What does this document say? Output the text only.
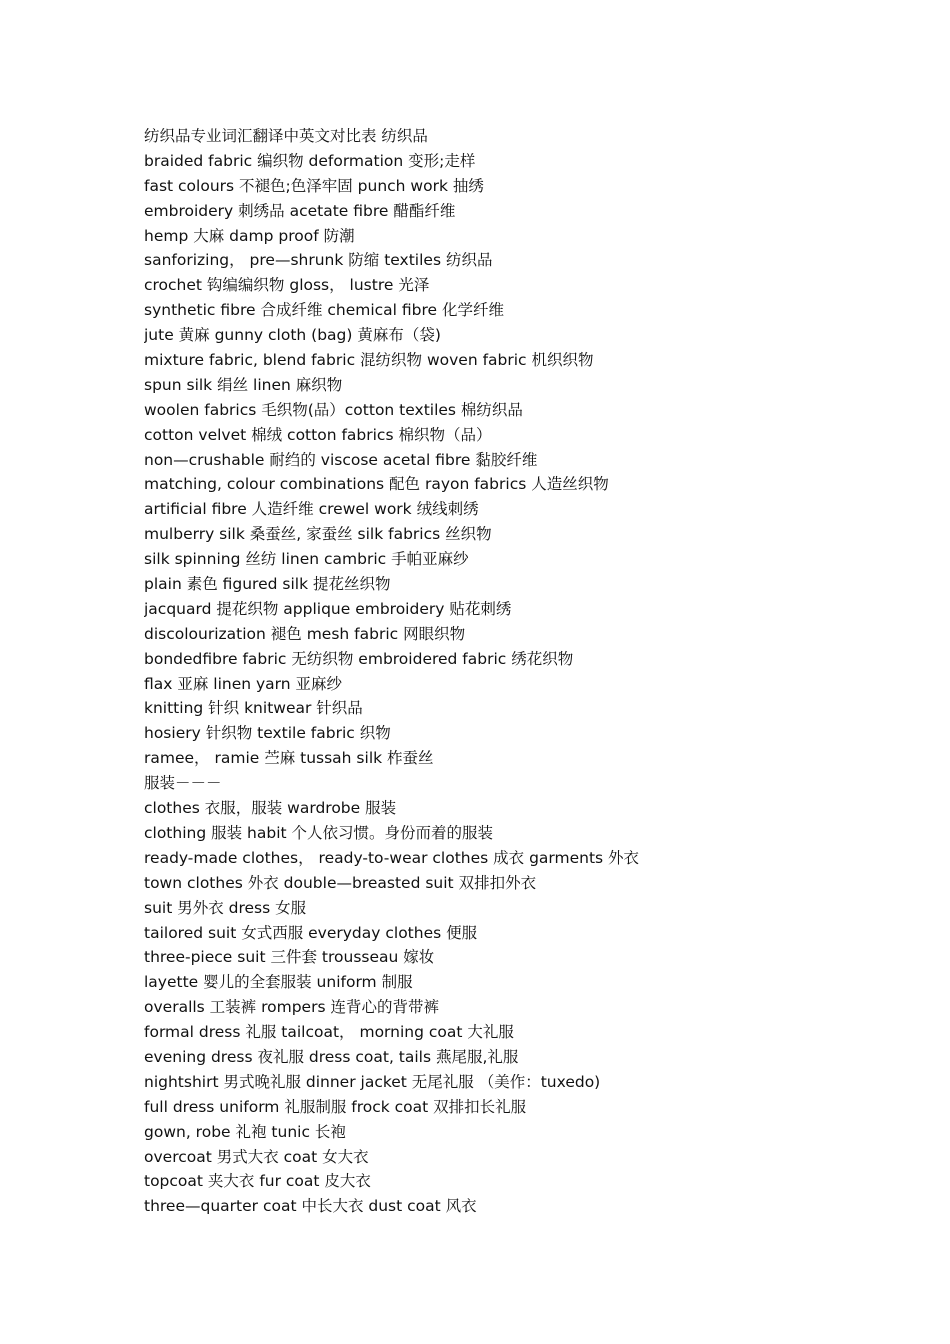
纺织品专业词汇翻译中英文对比表 纺织品
braided fabric 编织物 deformation 变形;走样
fast colours 不褪色;色泽牢固 punch work 抽绣
embroidery 刺绣品 acetate fibre 醋酯纤维
hemp 大麻 damp proof 防潮
sanforizing， pre—shrunk 防缩 textiles 纺织品
crochet 钩编编织物 gloss， lustre 光泽
synthetic fibre 合成纤维 chemical fibre 化学纤维
jute 黄麻 gunny cloth (bag) 黄麻布（袋)
mixture fabric, blend fabric 混纺织物 woven fabric 机织织物
spun silk 绢丝 linen 麻织物
woolen fabrics 毛织物(品）cotton textiles 棉纺织品
cotton velvet 棉绒 cotton fabrics 棉织物（品）
non—crushable 耐绉的 viscose acetal fibre 黏胶纤维
matching, colour combinations 配色 rayon fabrics 人造丝织物
artificial fibre 人造纤维 crewel work 绒线刺绣
mulberry silk 桑蚕丝, 家蚕丝 silk fabrics 丝织物
silk spinning 丝纺 linen cambric 手帕亚麻纱
plain 素色 figured silk 提花丝织物
jacquard 提花织物 applique embroidery 贴花刺绣
discolourization 褪色 mesh fabric 网眼织物
bondedfibre fabric 无纺织物 embroidered fabric 绣花织物
flax 亚麻 linen yarn 亚麻纱
knitting 针织 knitwear 针织品
hosiery 针织物 textile fabric 织物
ramee， ramie 苎麻 tussah silk 柞蚕丝
服装－－－
clothes 衣服，服装 wardrobe 服装
clothing 服装 habit 个人依习惯。身份而着的服装
ready-made clothes， ready-to-wear clothes 成衣 garments 外衣
town clothes 外衣 double—breasted suit 双排扣外衣
suit 男外衣 dress 女服
tailored suit 女式西服 everyday clothes 便服
three-piece suit 三件套 trousseau 嫁妆
layette 婴儿的全套服装 uniform 制服
overalls 工装裤 rompers 连背心的背带裤
formal dress 礼服 tailcoat， morning coat 大礼服
evening dress 夜礼服 dress coat, tails 燕尾服,礼服
nightshirt 男式晚礼服 dinner jacket 无尾礼服 （美作：tuxedo)
full dress uniform 礼服制服 frock coat 双排扣长礼服
gown, robe 礼袍 tunic 长袍
overcoat 男式大衣 coat 女大衣
topcoat 夹大衣 fur coat 皮大衣
three—quarter coat 中长大衣 dust coat 风衣
